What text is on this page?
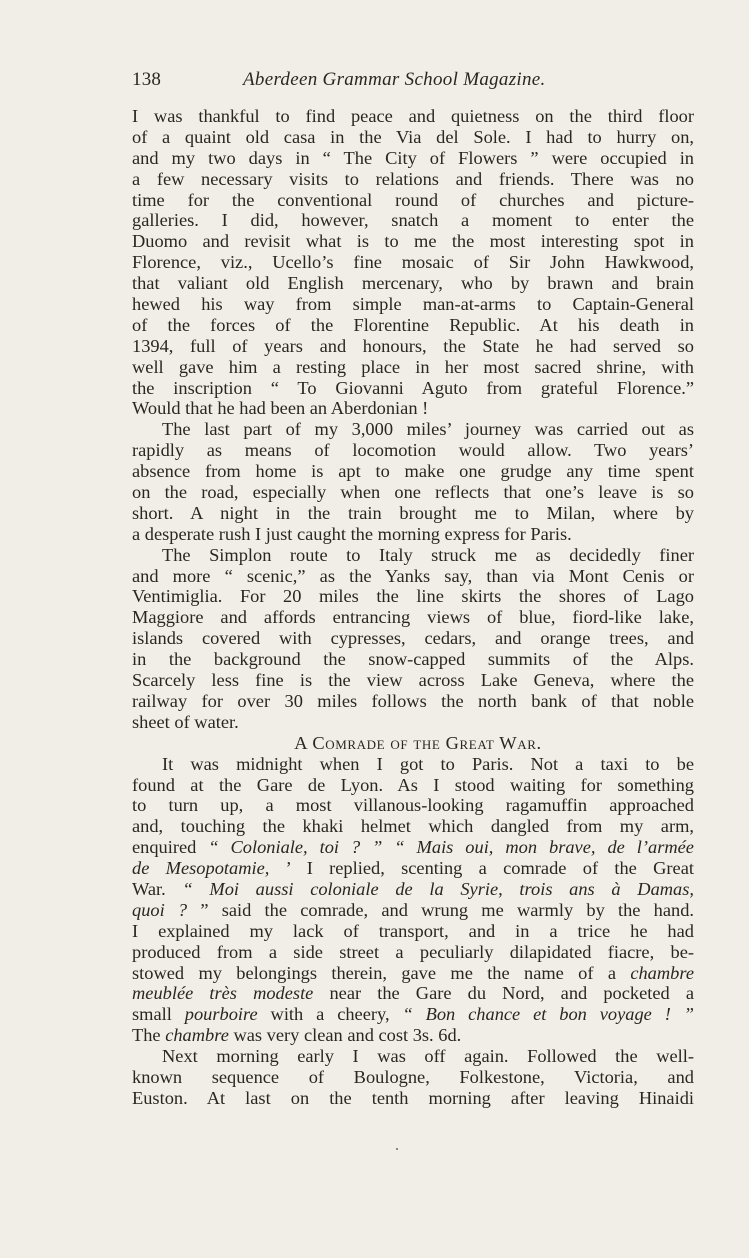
138	Aberdeen Grammar School Magazine.
I was thankful to find peace and quietness on the third floor
of a quaint old casa in the Via del Sole. I had to hurry on,
and my two days in “ The City of Flowers ” were occupied in
a few necessary visits to relations and friends. There was no
time for the conventional round of churches and picture-
galleries. I did, however, snatch a moment to enter the
Duomo and revisit what is to me the most interesting spot in
Florence, viz., Ucello’s fine mosaic of Sir John Hawkwood,
that valiant old English mercenary, who by brawn and brain
hewed his way from simple man-at-arms to Captain-General
of the forces of the Florentine Republic. At his death in
1394, full of years and honours, the State he had served so
well gave him a resting place in her most sacred shrine, with
the inscription “ To Giovanni Aguto from grateful Florence.”
Would that he had been an Aberdonian !
The last part of my 3,000 miles’ journey was carried out as
rapidly as means of locomotion would allow. Two years’
absence from home is apt to make one grudge any time spent
on the road, especially when one reflects that one’s leave is so
short. A night in the train brought me to Milan, where by
a desperate rush I just caught the morning express for Paris.
The Simplon route to Italy struck me as decidedly finer
and more “ scenic,” as the Yanks say, than via Mont Cenis or
Ventimiglia. For 20 miles the line skirts the shores of Lago
Maggiore and affords entrancing views of blue, fiord-like lake,
islands covered with cypresses, cedars, and orange trees, and
in the background the snow-capped summits of the Alps.
Scarcely less fine is the view across Lake Geneva, where the
railway for over 30 miles follows the north bank of that noble
sheet of water.
A Comrade of the Great War.
It was midnight when I got to Paris. Not a taxi to be
found at the Gare de Lyon. As I stood waiting for something
to turn up, a most villanous-looking ragamuffin approached
and, touching the khaki helmet which dangled from my arm,
enquired “ Coloniale, toi ? ” “ Mais oui, mon brave, de l’armée
de Mesopotamie, ’ I replied, scenting a comrade of the Great
War. “ Moi aussi coloniale de la Syrie, trois ans à Damas,
quoi ? ” said the comrade, and wrung me warmly by the hand.
I explained my lack of transport, and in a trice he had
produced from a side street a peculiarly dilapidated fiacre, be-
stowed my belongings therein, gave me the name of a chambre
meublée très modeste near the Gare du Nord, and pocketed a
small pourboire with a cheery, “ Bon chance et bon voyage ! ”
The chambre was very clean and cost 3s. 6d.
Next morning early I was off again. Followed the well-
known sequence of Boulogne, Folkestone, Victoria, and
Euston. At last on the tenth morning after leaving Hinaidi
